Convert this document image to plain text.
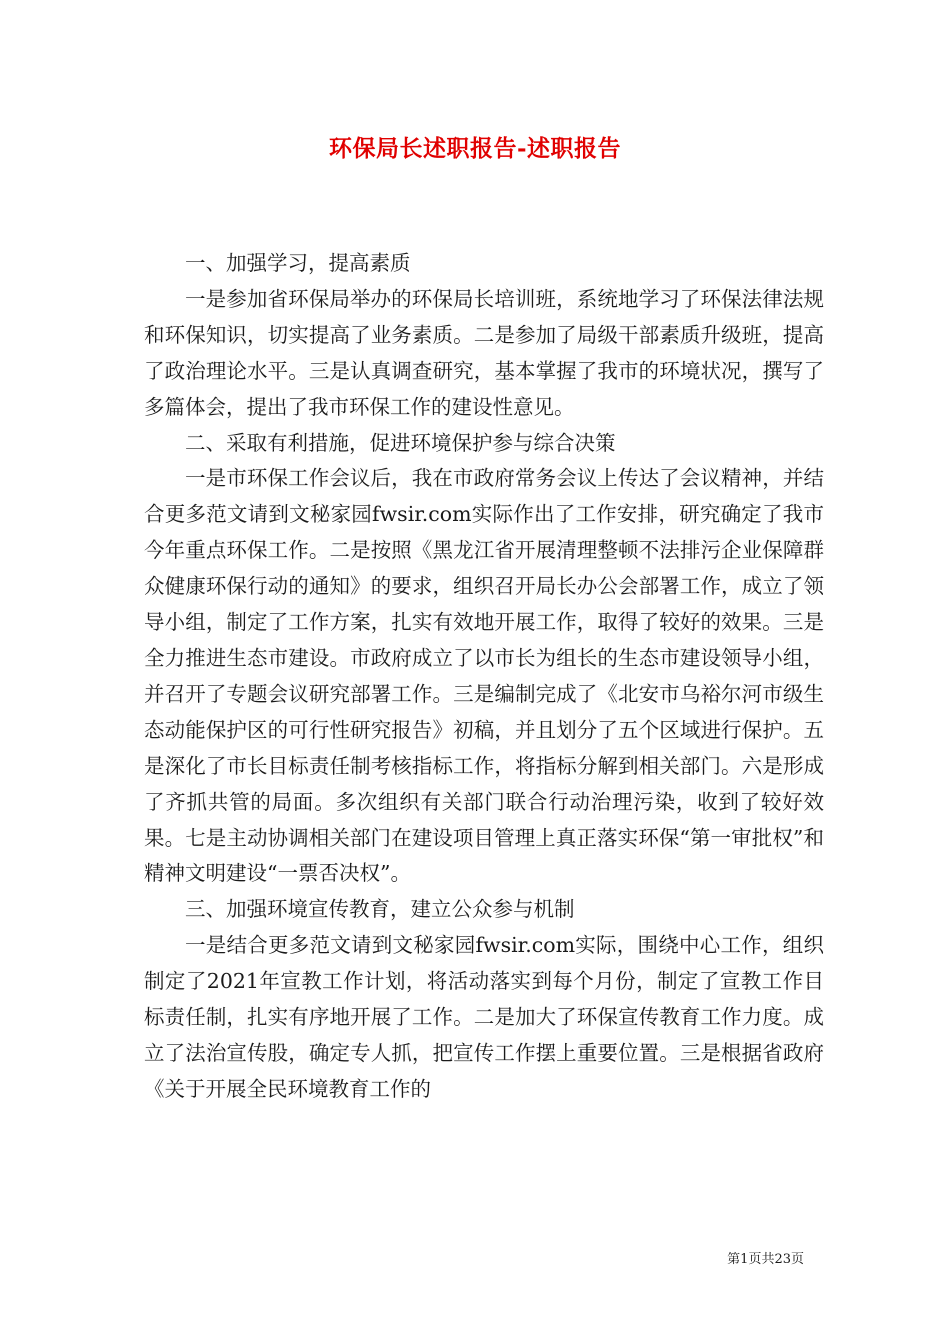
环保局长述职报告-述职报告

一、加强学习，提高素质

一是参加省环保局举办的环保局长培训班，系统地学习了环保法律法规和环保知识，切实提高了业务素质。二是参加了局级干部素质升级班，提高了政治理论水平。三是认真调查研究，基本掌握了我市的环境状况，撰写了多篇体会，提出了我市环保工作的建设性意见。

二、采取有利措施，促进环境保护参与综合决策

一是市环保工作会议后，我在市政府常务会议上传达了会议精神，并结合更多范文请到文秘家园fwsir.com实际作出了工作安排，研究确定了我市今年重点环保工作。二是按照《黑龙江省开展清理整顿不法排污企业保障群众健康环保行动的通知》的要求，组织召开局长办公会部署工作，成立了领导小组，制定了工作方案，扎实有效地开展工作，取得了较好的效果。三是全力推进生态市建设。市政府成立了以市长为组长的生态市建设领导小组，并召开了专题会议研究部署工作。三是编制完成了《北安市乌裕尔河市级生态动能保护区的可行性研究报告》初稿，并且划分了五个区域进行保护。五是深化了市长目标责任制考核指标工作，将指标分解到相关部门。六是形成了齐抓共管的局面。多次组织有关部门联合行动治理污染，收到了较好效果。七是主动协调相关部门在建设项目管理上真正落实环保“第一审批权”和精神文明建设“一票否决权”。

三、加强环境宣传教育，建立公众参与机制

一是结合更多范文请到文秘家园fwsir.com实际，围绕中心工作，组织制定了2021年宣教工作计划，将活动落实到每个月份，制定了宣教工作目标责任制，扎实有序地开展了工作。二是加大了环保宣传教育工作力度。成立了法治宣传股，确定专人抓，把宣传工作摆上重要位置。三是根据省政府《关于开展全民环境教育工作的

第1页共23页
